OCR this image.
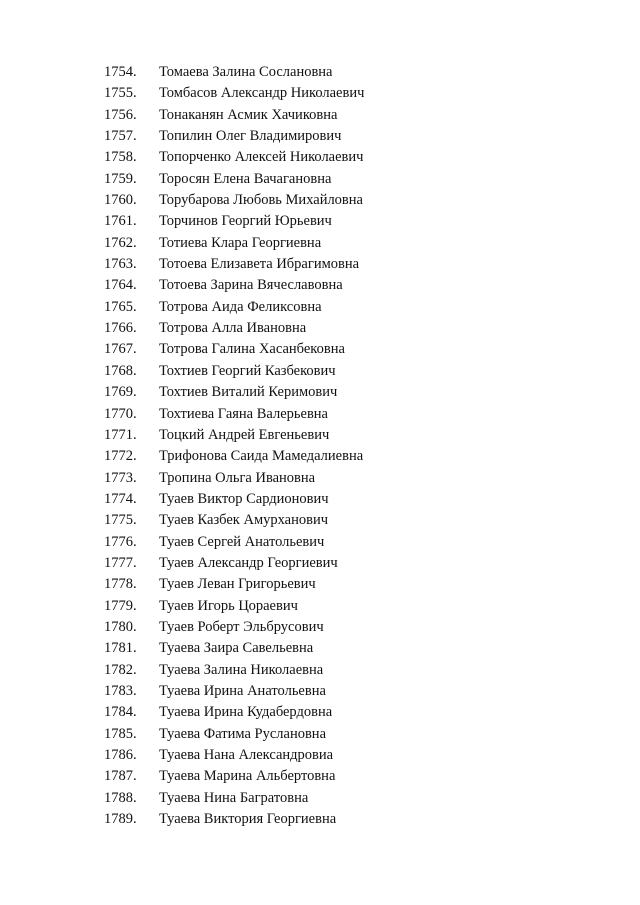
1754.	Томаева Залина Сослановна
1755.	Томбасов Александр Николаевич
1756.	Тонаканян Асмик Хачиковна
1757.	Топилин Олег Владимирович
1758.	Топорченко Алексей Николаевич
1759.	Торосян Елена Вачагановна
1760.	Торубарова Любовь Михайловна
1761.	Торчинов Георгий Юрьевич
1762.	Тотиева Клара Георгиевна
1763.	Тотоева Елизавета Ибрагимовна
1764.	Тотоева Зарина Вячеславовна
1765.	Тотрова Аида Феликсовна
1766.	Тотрова Алла Ивановна
1767.	Тотрова Галина Хасанбековна
1768.	Тохтиев Георгий Казбекович
1769.	Тохтиев Виталий Керимович
1770.	Тохтиева Гаяна Валерьевна
1771.	Тоцкий Андрей Евгеньевич
1772.	Трифонова Саида Мамедалиевна
1773.	Тропина Ольга Ивановна
1774.	Туаев Виктор Сардионович
1775.	Туаев Казбек Амурханович
1776.	Туаев Сергей Анатольевич
1777.	Туаев Александр Георгиевич
1778.	Туаев Леван Григорьевич
1779.	Туаев Игорь Цораевич
1780.	Туаев Роберт Эльбрусович
1781.	Туаева Заира Савельевна
1782.	Туаева Залина Николаевна
1783.	Туаева Ирина Анатольевна
1784.	Туаева Ирина Кудабердовна
1785.	Туаева Фатима Руслановна
1786.	Туаева Нана Александровиа
1787.	Туаева Марина Альбертовна
1788.	Туаева Нина Багратовна
1789.	Туаева Виктория Георгиевна
